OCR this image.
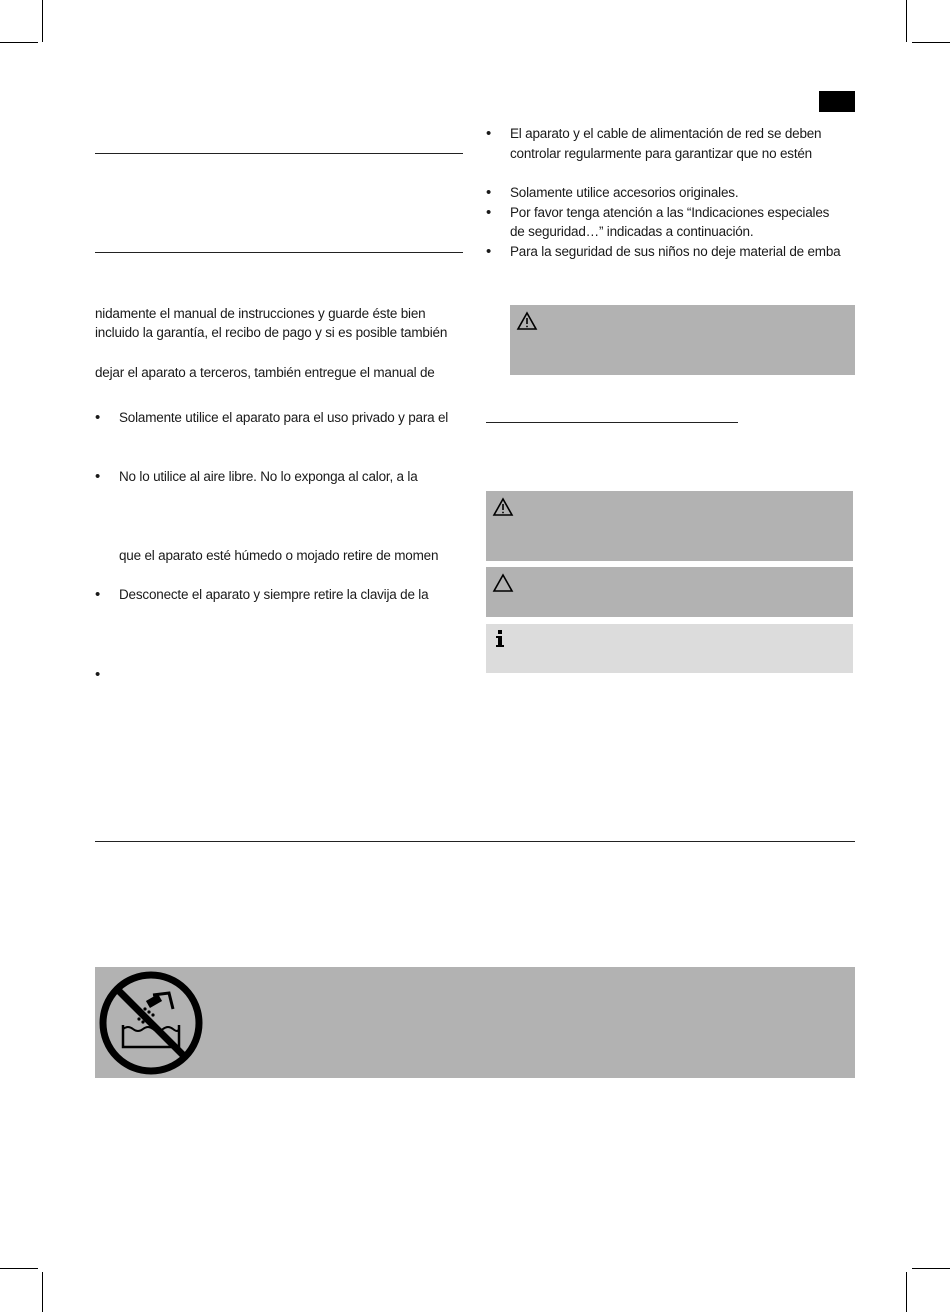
nidamente el manual de instrucciones y guarde éste bien
incluido la garantía, el recibo de pago y si es posible también
dejar el aparato a terceros, también entregue el manual de
• Solamente utilice el aparato para el uso privado y para el
• No lo utilice al aire libre. No lo exponga al calor, a la
que el aparato esté húmedo o mojado retire de momen
• Desconecte el aparato y siempre retire la clavija de la
•
• El aparato y el cable de alimentación de red se deben
controlar regularmente para garantizar que no estén
• Solamente utilice accesorios originales.
• Por favor tenga atención a las “Indicaciones especiales
de seguridad…” indicadas a continuación.
• Para la seguridad de sus niños no deje material de emba
